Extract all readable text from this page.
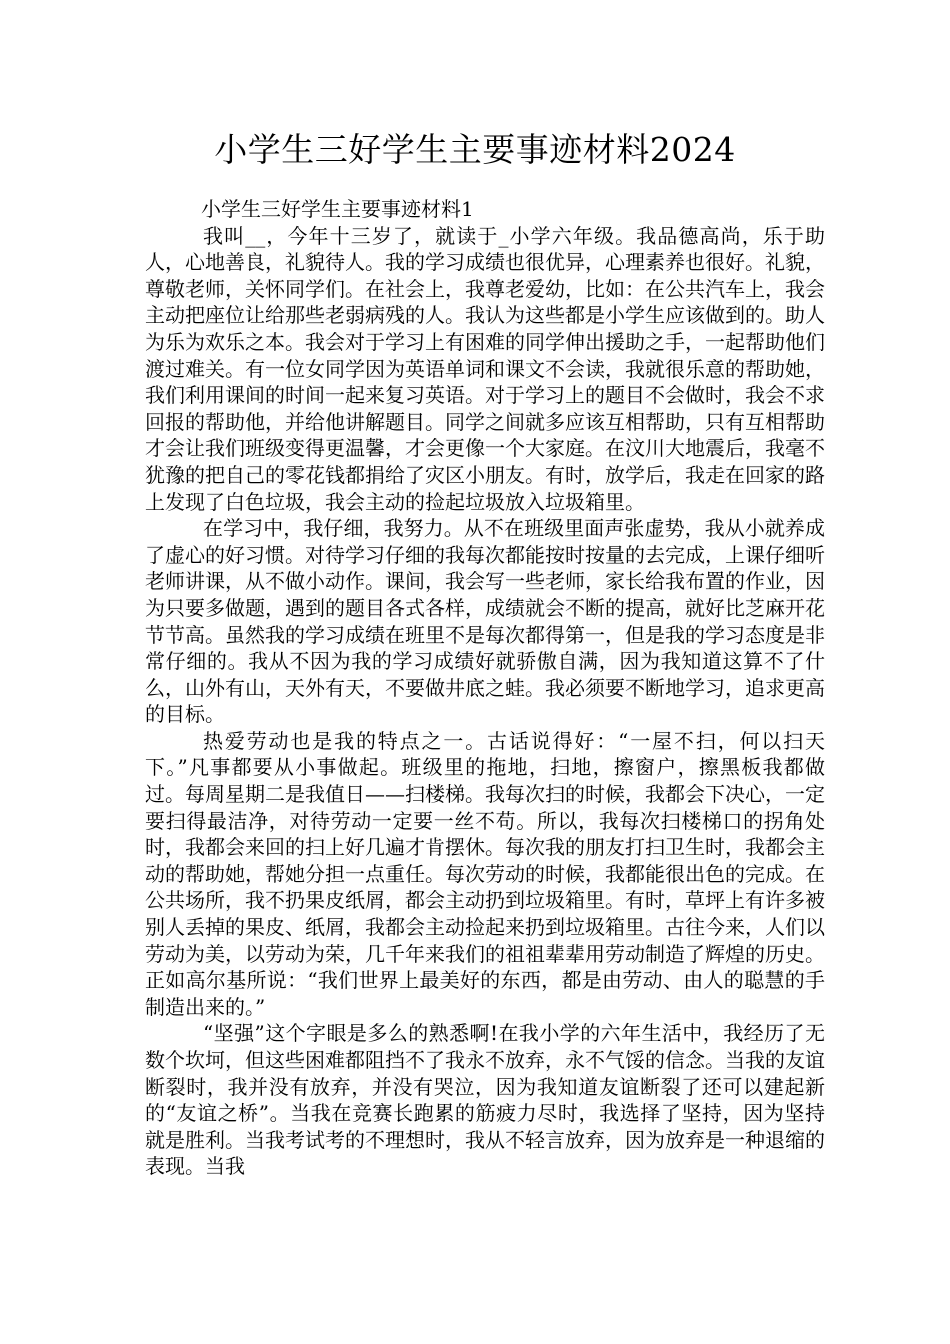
小学生三好学生主要事迹材料2024

小学生三好学生主要事迹材料1

我叫__，今年十三岁了，就读于_小学六年级。我品德高尚，乐于助人，心地善良，礼貌待人。我的学习成绩也很优异，心理素养也很好。礼貌，尊敬老师，关怀同学们。在社会上，我尊老爱幼，比如：在公共汽车上，我会主动把座位让给那些老弱病残的人。我认为这些都是小学生应该做到的。助人为乐为欢乐之本。我会对于学习上有困难的同学伸出援助之手，一起帮助他们渡过难关。有一位女同学因为英语单词和课文不会读，我就很乐意的帮助她，我们利用课间的时间一起来复习英语。对于学习上的题目不会做时，我会不求回报的帮助他，并给他讲解题目。同学之间就多应该互相帮助，只有互相帮助才会让我们班级变得更温馨，才会更像一个大家庭。在汶川大地震后，我毫不犹豫的把自己的零花钱都捐给了灾区小朋友。有时，放学后，我走在回家的路上发现了白色垃圾，我会主动的捡起垃圾放入垃圾箱里。

在学习中，我仔细，我努力。从不在班级里面声张虚势，我从小就养成了虚心的好习惯。对待学习仔细的我每次都能按时按量的去完成，上课仔细听老师讲课，从不做小动作。课间，我会写一些老师，家长给我布置的作业，因为只要多做题，遇到的题目各式各样，成绩就会不断的提高，就好比芝麻开花节节高。虽然我的学习成绩在班里不是每次都得第一，但是我的学习态度是非常仔细的。我从不因为我的学习成绩好就骄傲自满，因为我知道这算不了什么，山外有山，天外有天，不要做井底之蛙。我必须要不断地学习，追求更高的目标。

热爱劳动也是我的特点之一。古话说得好：“一屋不扫，何以扫天下。”凡事都要从小事做起。班级里的拖地，扫地，擦窗户，擦黑板我都做过。每周星期二是我值日——扫楼梯。我每次扫的时候，我都会下决心，一定要扫得最洁净，对待劳动一定要一丝不苟。所以，我每次扫楼梯口的拐角处时，我都会来回的扫上好几遍才肯摆休。每次我的朋友打扫卫生时，我都会主动的帮助她，帮她分担一点重任。每次劳动的时候，我都能很出色的完成。在公共场所，我不扔果皮纸屑，都会主动扔到垃圾箱里。有时，草坪上有许多被别人丢掉的果皮、纸屑，我都会主动捡起来扔到垃圾箱里。古往今来，人们以劳动为美，以劳动为荣，几千年来我们的祖祖辈辈用劳动制造了辉煌的历史。正如高尔基所说：“我们世界上最美好的东西，都是由劳动、由人的聪慧的手制造出来的。”

“坚强”这个字眼是多么的熟悉啊!在我小学的六年生活中，我经历了无数个坎坷，但这些困难都阻挡不了我永不放弃，永不气馁的信念。当我的友谊断裂时，我并没有放弃，并没有哭泣，因为我知道友谊断裂了还可以建起新的“友谊之桥”。当我在竞赛长跑累的筋疲力尽时，我选择了坚持，因为坚持就是胜利。当我考试考的不理想时，我从不轻言放弃，因为放弃是一种退缩的表现。当我
